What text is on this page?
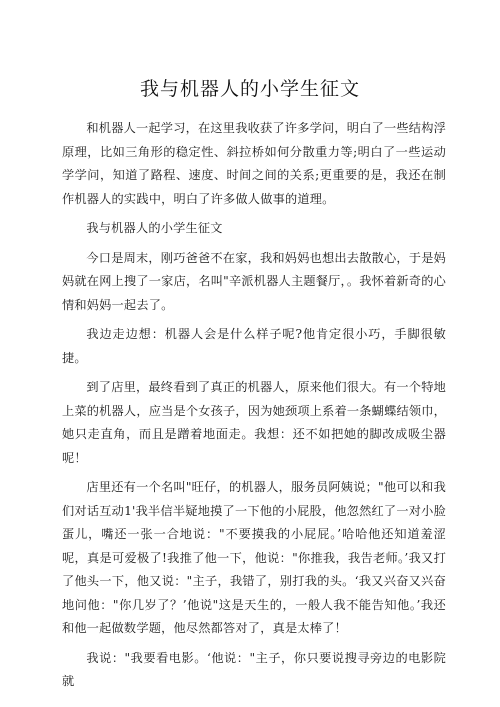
我与机器人的小学生征文

和机器人一起学习，在这里我收获了许多学问，明白了一些结构浮原理，比如三角形的稳定性、斜拉桥如何分散重力等;明白了一些运动学学问，知道了路程、速度、时间之间的关系;更重要的是，我还在制作机器人的实践中，明白了许多做人做事的道理。

我与机器人的小学生征文

今口是周末，刚巧爸爸不在家，我和妈妈也想出去散散心，于是妈妈就在网上搜了一家店，名叫"辛派机器人主题餐厅，。我怀着新奇的心情和妈妈一起去了。

我边走边想：机器人会是什么样子呢?他肯定很小巧，手脚很敏捷。

到了店里，最终看到了真正的机器人，原来他们很大。有一个特地上菜的机器人，应当是个女孩子，因为她颈项上系着一条蝴蝶结领巾，她只走直角，而且是蹭着地面走。我想：还不如把她的脚改成吸尘器呢！

店里还有一个名叫"旺仔，的机器人，服务员阿姨说；"他可以和我们对话互动1'我半信半疑地摸了一下他的小屁股，他忽然红了一对小脸蛋儿，嘴还一张一合地说："不要摸我的小屁屁。’哈哈他还知道羞涩呢，真是可爱极了!我推了他一下，他说："你推我，我告老师。’我又打了他头一下，他又说："主子，我错了，别打我的头。‘我又兴奋又兴奋地问他："你几岁了？’他说"这是天生的，一般人我不能告知他。’我还和他一起做数学题，他尽然都答对了，真是太棒了！

我说："我要看电影。‘他说："主子，你只要说搜寻旁边的电影院就
